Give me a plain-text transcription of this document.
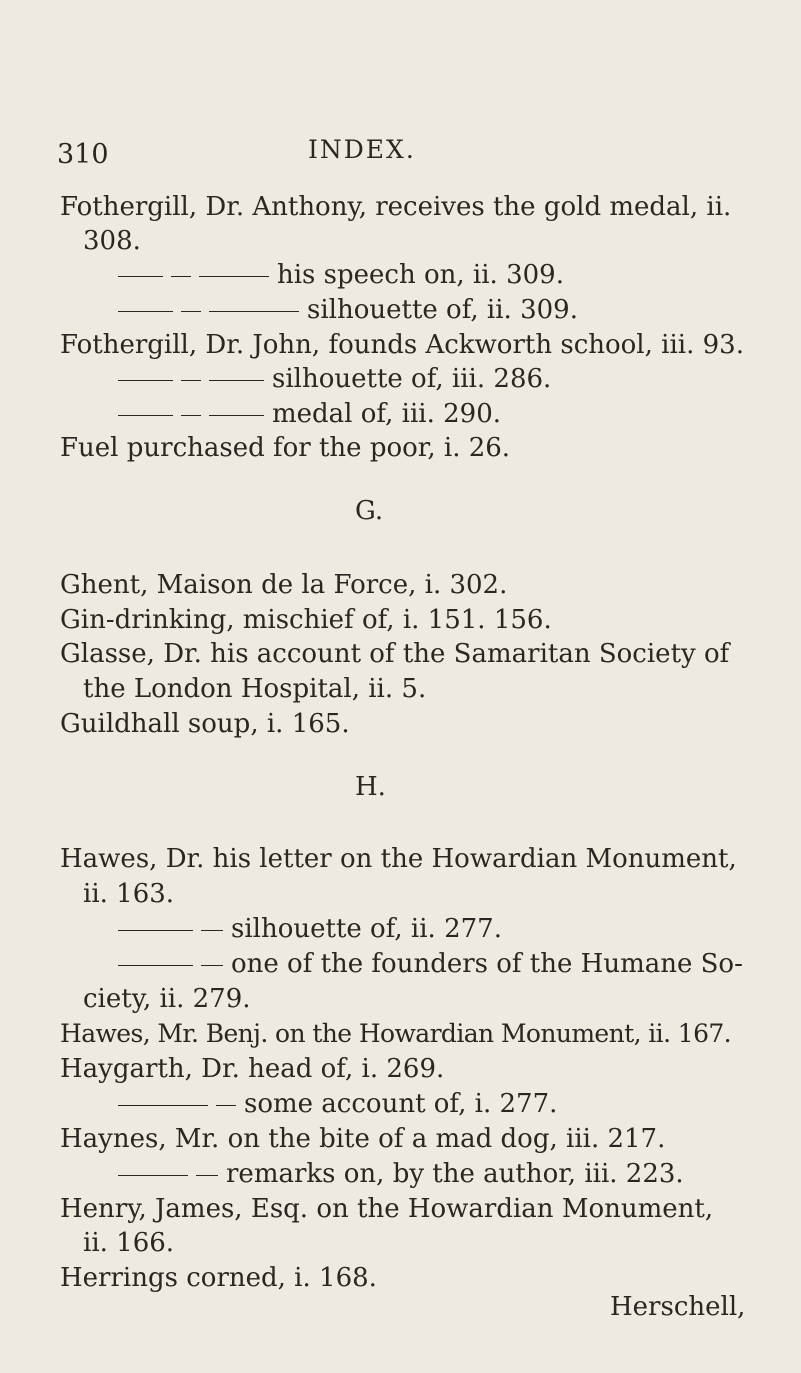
310	INDEX.
Fothergill, Dr. Anthony, receives the gold medal, ii.
308.
his speech on, ii. 309.
silhouette of, ii. 309.
Fothergill, Dr. John, founds Ackworth school, iii. 93.
silhouette of, iii. 286.
medal of, iii. 290.
Fuel purchased for the poor, i. 26.
G.
Ghent, Maison de la Force, i. 302.
Gin-drinking, mischief of, i. 151. 156.
Glasse, Dr. his account of the Samaritan Society of
the London Hospital, ii. 5.
Guildhall soup, i. 165.
H.
Hawes, Dr. his letter on the Howardian Monument,
ii. 163.
silhouette of, ii. 277.
one of the founders of the Humane So-
ciety, ii. 279.
Hawes, Mr. Benj. on the Howardian Monument, ii. 167.
Haygarth, Dr. head of, i. 269.
some account of, i. 277.
Haynes, Mr. on the bite of a mad dog, iii. 217.
remarks on, by the author, iii. 223.
Henry, James, Esq. on the Howardian Monument,
ii. 166.
Herrings corned, i. 168.
Herschell,
